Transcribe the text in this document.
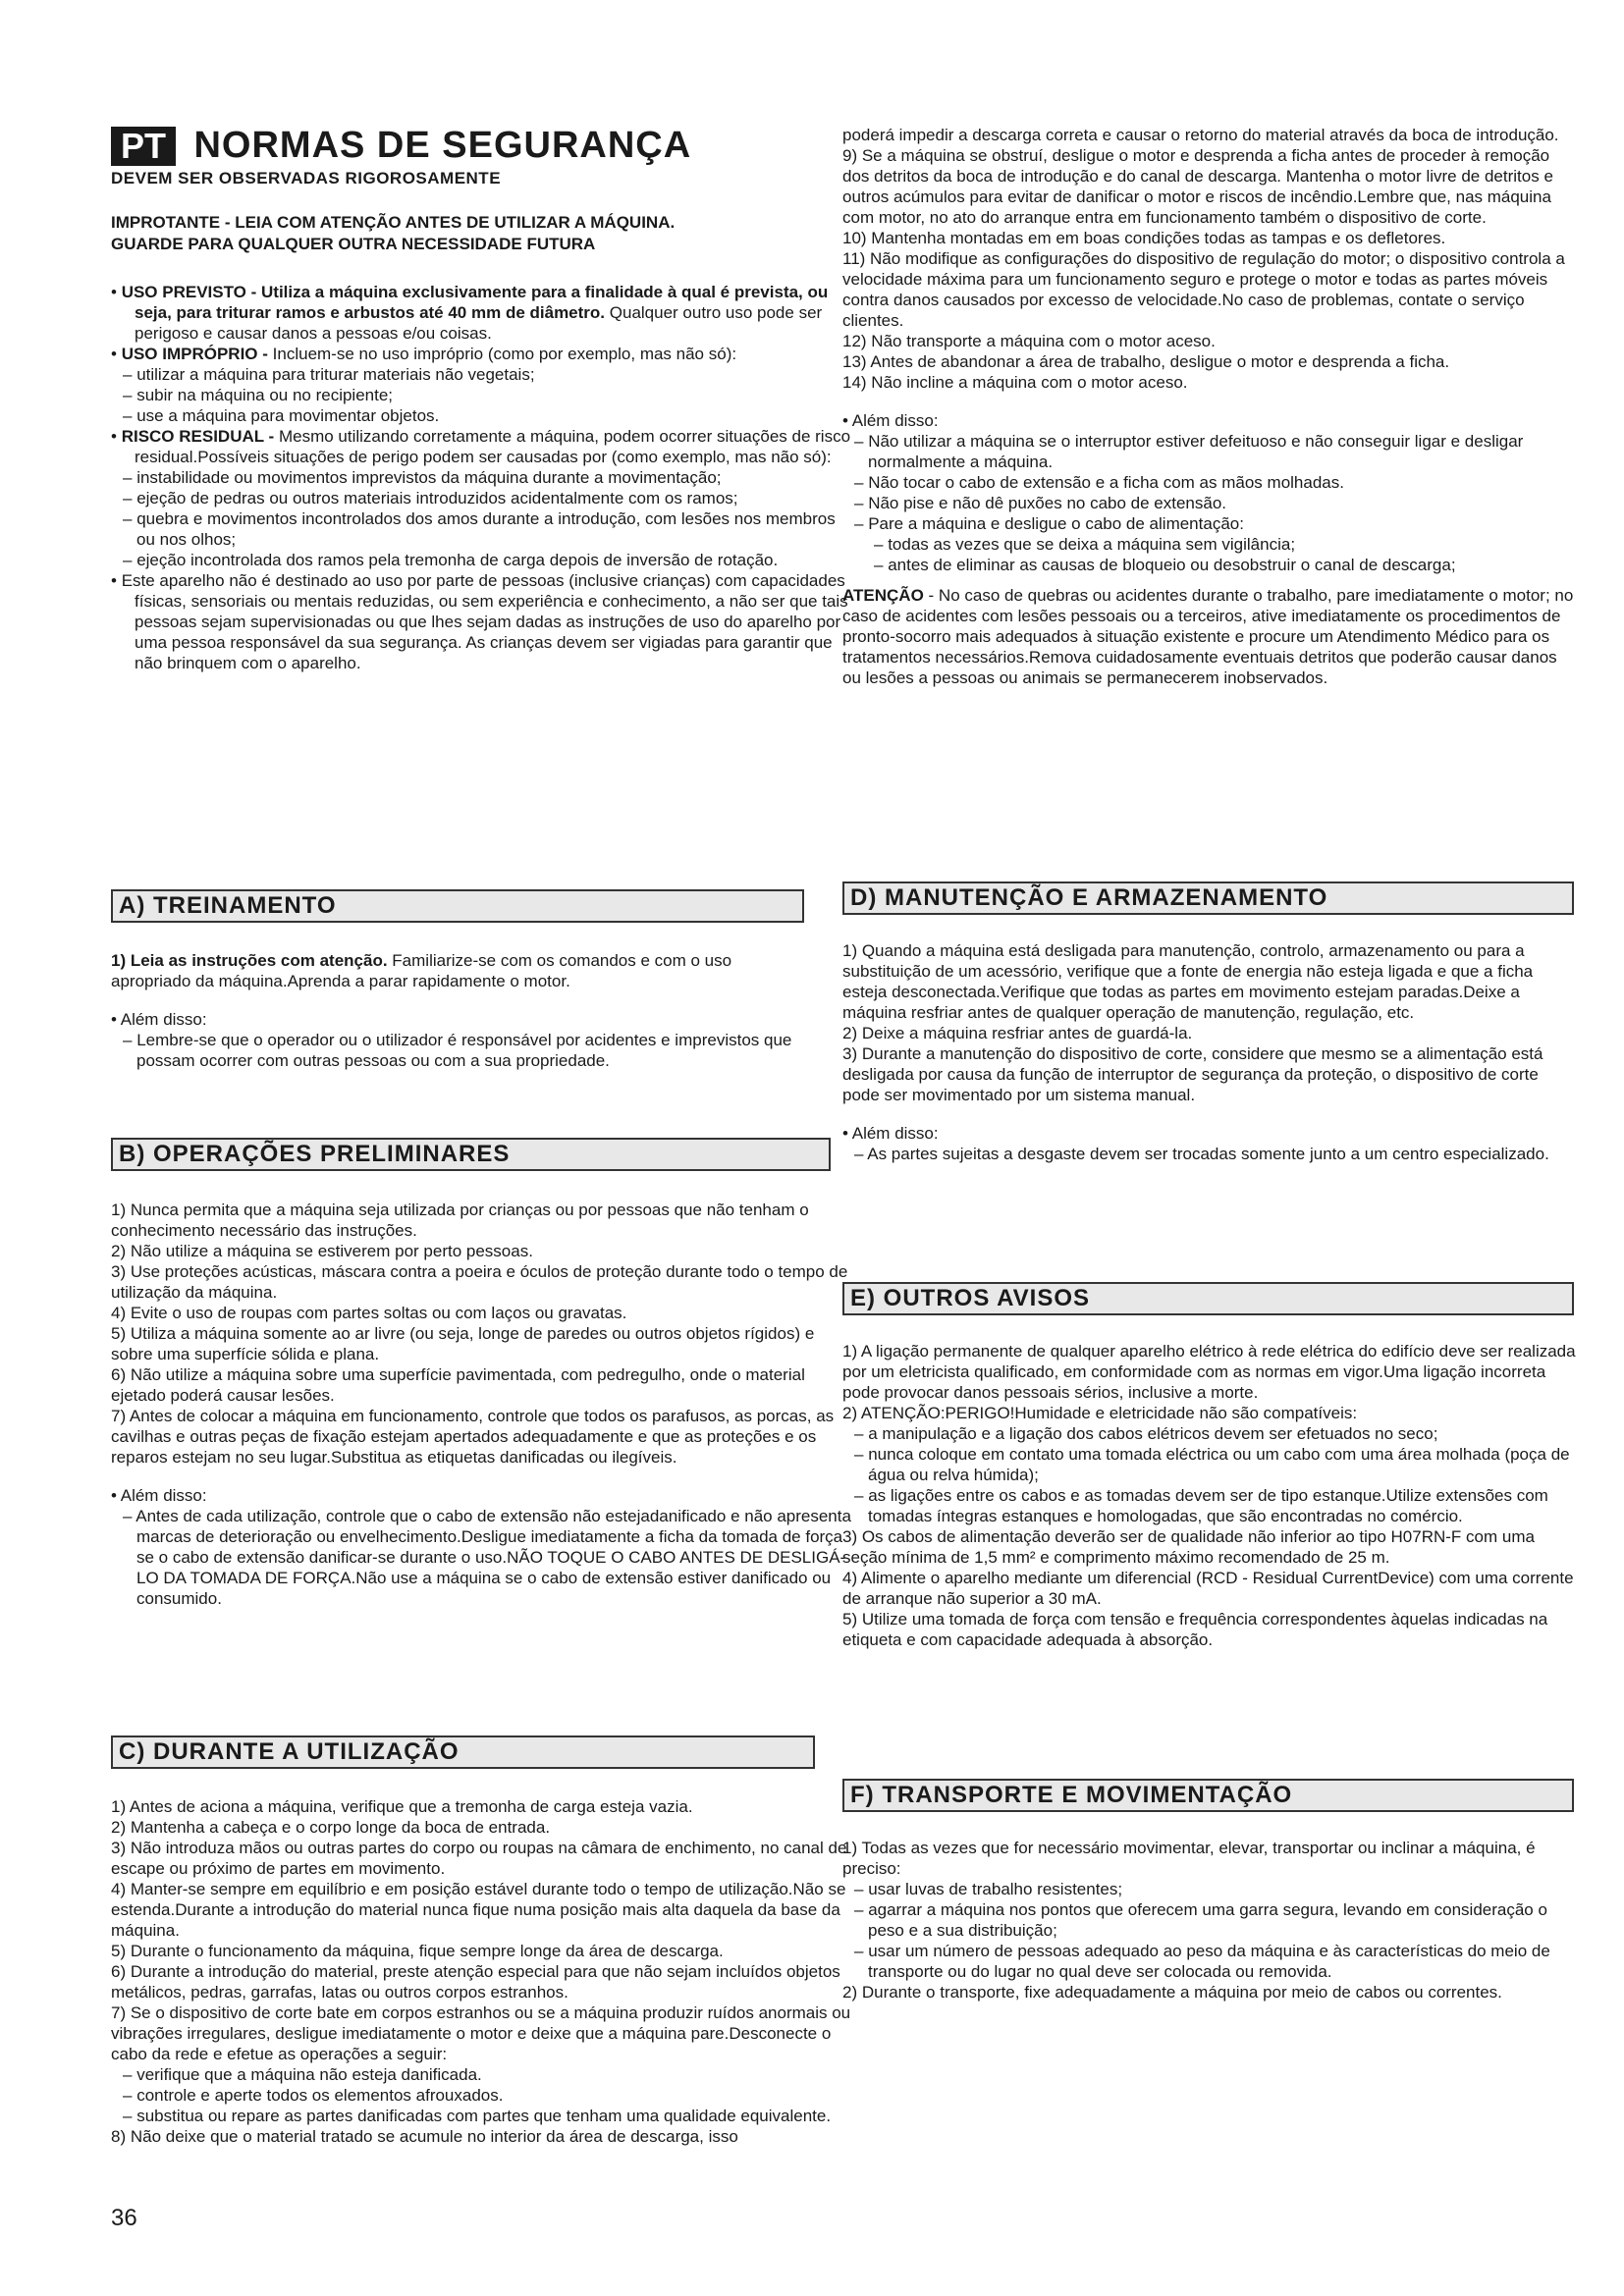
PT NORMAS DE SEGURANÇA
DEVEM SER OBSERVADAS RIGOROSAMENTE
IMPROTANTE - LEIA COM ATENÇÃO ANTES DE UTILIZAR A MÁQUINA.
GUARDE PARA QUALQUER OUTRA NECESSIDADE FUTURA

• USO PREVISTO - Utiliza a máquina exclusivamente para a finalidade à qual é prevista, ou seja, para triturar ramos e arbustos até 40 mm de diâmetro. Qualquer outro uso pode ser perigoso e causar danos a pessoas e/ou coisas.

• USO IMPRÓPRIO - Incluem-se no uso impróprio (como por exemplo, mas não só):

– utilizar a máquina para triturar materiais não vegetais;

– subir na máquina ou no recipiente;

– use a máquina para movimentar objetos.

• RISCO RESIDUAL - Mesmo utilizando corretamente a máquina, podem ocorrer situações de risco residual.Possíveis situações de perigo podem ser causadas por (como exemplo, mas não só):

– instabilidade ou movimentos imprevistos da máquina durante a movimentação;

– ejeção de pedras ou outros materiais introduzidos acidentalmente com os ramos;

– quebra e movimentos incontrolados dos amos durante a introdução, com lesões nos membros ou nos olhos;

– ejeção incontrolada dos ramos pela tremonha de carga depois de inversão de rotação.

• Este aparelho não é destinado ao uso por parte de pessoas (inclusive crianças) com capacidades físicas, sensoriais ou mentais reduzidas, ou sem experiência e conhecimento, a não ser que tais pessoas sejam supervisionadas ou que lhes sejam dadas as instruções de uso do aparelho por uma pessoa responsável da sua segurança. As crianças devem ser vigiadas para garantir que não brinquem com o aparelho.

poderá impedir a descarga correta e causar o retorno do material através da boca de introdução.

9) Se a máquina se obstruí, desligue o motor e desprenda a ficha antes de proceder à remoção dos detritos da boca de introdução e do canal de descarga. Mantenha o motor livre de detritos e outros acúmulos para evitar de danificar o motor e riscos de incêndio.Lembre que, nas máquina com motor, no ato do arranque entra em funcionamento também o dispositivo de corte.

10) Mantenha montadas em em boas condições todas as tampas e os defletores.

11) Não modifique as configurações do dispositivo de regulação do motor; o dispositivo controla a velocidade máxima para um funcionamento seguro e protege o motor e todas as partes móveis contra danos causados por excesso de velocidade.No caso de problemas, contate o serviço clientes.

12) Não transporte a máquina com o motor aceso.

13) Antes de abandonar a área de trabalho, desligue o motor e desprenda a ficha.

14) Não incline a máquina com o motor aceso.

• Além disso:

– Não utilizar a máquina se o interruptor estiver defeituoso e não conseguir ligar e desligar normalmente a máquina.

– Não tocar o cabo de extensão e a ficha com as mãos molhadas.

– Não pise e não dê puxões no cabo de extensão.

– Pare a máquina e desligue o cabo de alimentação:

– todas as vezes que se deixa a máquina sem vigilância;

– antes de eliminar as causas de bloqueio ou desobstruir o canal de descarga;

ATENÇÃO - No caso de quebras ou acidentes durante o trabalho, pare imediatamente o motor; no caso de acidentes com lesões pessoais ou a terceiros, ative imediatamente os procedimentos de pronto-socorro mais adequados à situação existente e procure um Atendimento Médico para os tratamentos necessários.Remova cuidadosamente eventuais detritos que poderão causar danos ou lesões a pessoas ou animais se permanecerem inobservados.

A) TREINAMENTO

1) Leia as instruções com atenção. Familiarize-se com os comandos e com o uso apropriado da máquina.Aprenda a parar rapidamente o motor.

• Além disso:

– Lembre-se que o operador ou o utilizador é responsável por acidentes e imprevistos que possam ocorrer com outras pessoas ou com a sua propriedade.

B) OPERAÇÕES PRELIMINARES

1) Nunca permita que a máquina seja utilizada por crianças ou por pessoas que não tenham o conhecimento necessário das instruções.

2) Não utilize a máquina se estiverem por perto pessoas.

3) Use proteções acústicas, máscara contra a poeira e óculos de proteção durante todo o tempo de utilização da máquina.

4) Evite o uso de roupas com partes soltas ou com laços ou gravatas.

5) Utiliza a máquina somente ao ar livre (ou seja, longe de paredes ou outros objetos rígidos) e sobre uma superfície sólida e plana.

6) Não utilize a máquina sobre uma superfície pavimentada, com pedregulho, onde o material ejetado poderá causar lesões.

7) Antes de colocar a máquina em funcionamento, controle que todos os parafusos, as porcas, as cavilhas e outras peças de fixação estejam apertados adequadamente e que as proteções e os reparos estejam no seu lugar.Substitua as etiquetas danificadas ou ilegíveis.

• Além disso:

– Antes de cada utilização, controle que o cabo de extensão não estejadanificado e não apresenta marcas de deterioração ou envelhecimento.Desligue imediatamente a ficha da tomada de força se o cabo de extensão danificar-se durante o uso.NÃO TOQUE O CABO ANTES DE DESLIGÁ-LO DA TOMADA DE FORÇA.Não use a máquina se o cabo de extensão estiver danificado ou consumido.

C) DURANTE A UTILIZAÇÃO

1) Antes de aciona a máquina, verifique que a tremonha de carga esteja vazia.

2) Mantenha a cabeça e o corpo longe da boca de entrada.

3) Não introduza mãos ou outras partes do corpo ou roupas na câmara de enchimento, no canal de escape ou próximo de partes em movimento.

4) Manter-se sempre em equilíbrio e em posição estável durante todo o tempo de utilização.Não se estenda.Durante a introdução do material nunca fique numa posição mais alta daquela da base da máquina.

5) Durante o funcionamento da máquina, fique sempre longe da área de descarga.

6) Durante a introdução do material, preste atenção especial para que não sejam incluídos objetos metálicos, pedras, garrafas, latas ou outros corpos estranhos.

7) Se o dispositivo de corte bate em corpos estranhos ou se a máquina produzir ruídos anormais ou vibrações irregulares, desligue imediatamente o motor e deixe que a máquina pare.Desconecte o cabo da rede e efetue as operações a seguir:

– verifique que a máquina não esteja danificada.

– controle e aperte todos os elementos afrouxados.

– substitua ou repare as partes danificadas com partes que tenham uma qualidade equivalente.

8) Não deixe que o material tratado se acumule no interior da área de descarga, isso

D) MANUTENÇÃO E ARMAZENAMENTO

1) Quando a máquina está desligada para manutenção, controlo, armazenamento ou para a substituição de um acessório, verifique que a fonte de energia não esteja ligada e que a ficha esteja desconectada.Verifique que todas as partes em movimento estejam paradas.Deixe a máquina resfriar antes de qualquer operação de manutenção, regulação, etc.

2) Deixe a máquina resfriar antes de guardá-la.

3) Durante a manutenção do dispositivo de corte, considere que mesmo se a alimentação está desligada por causa da função de interruptor de segurança da proteção, o dispositivo de corte pode ser movimentado por um sistema manual.

• Além disso:

– As partes sujeitas a desgaste devem ser trocadas somente junto a um centro especializado.

E) OUTROS AVISOS

1) A ligação permanente de qualquer aparelho elétrico à rede elétrica do edifício deve ser realizada por um eletricista qualificado, em conformidade com as normas em vigor.Uma ligação incorreta pode provocar danos pessoais sérios, inclusive a morte.

2) ATENÇÃO:PERIGO!Humidade e eletricidade não são compatíveis:

– a manipulação e a ligação dos cabos elétricos devem ser efetuados no seco;

– nunca coloque em contato uma tomada eléctrica ou um cabo com uma área molhada (poça de água ou relva húmida);

– as ligações entre os cabos e as tomadas devem ser de tipo estanque.Utilize extensões com tomadas íntegras estanques e homologadas, que são encontradas no comércio.

3) Os cabos de alimentação deverão ser de qualidade não inferior ao tipo H07RN-F com uma seção mínima de 1,5 mm² e comprimento máximo recomendado de 25 m.

4) Alimente o aparelho mediante um diferencial (RCD - Residual CurrentDevice) com uma corrente de arranque não superior a 30 mA.

5) Utilize uma tomada de força com tensão e frequência correspondentes àquelas indicadas na etiqueta e com capacidade adequada à absorção.

F) TRANSPORTE E MOVIMENTAÇÃO

1) Todas as vezes que for necessário movimentar, elevar, transportar ou inclinar a máquina, é preciso:

– usar luvas de trabalho resistentes;

– agarrar a máquina nos pontos que oferecem uma garra segura, levando em consideração o peso e a sua distribuição;

– usar um número de pessoas adequado ao peso da máquina e às características do meio de transporte ou do lugar no qual deve ser colocada ou removida.

2) Durante o transporte, fixe adequadamente a máquina por meio de cabos ou correntes.

36
